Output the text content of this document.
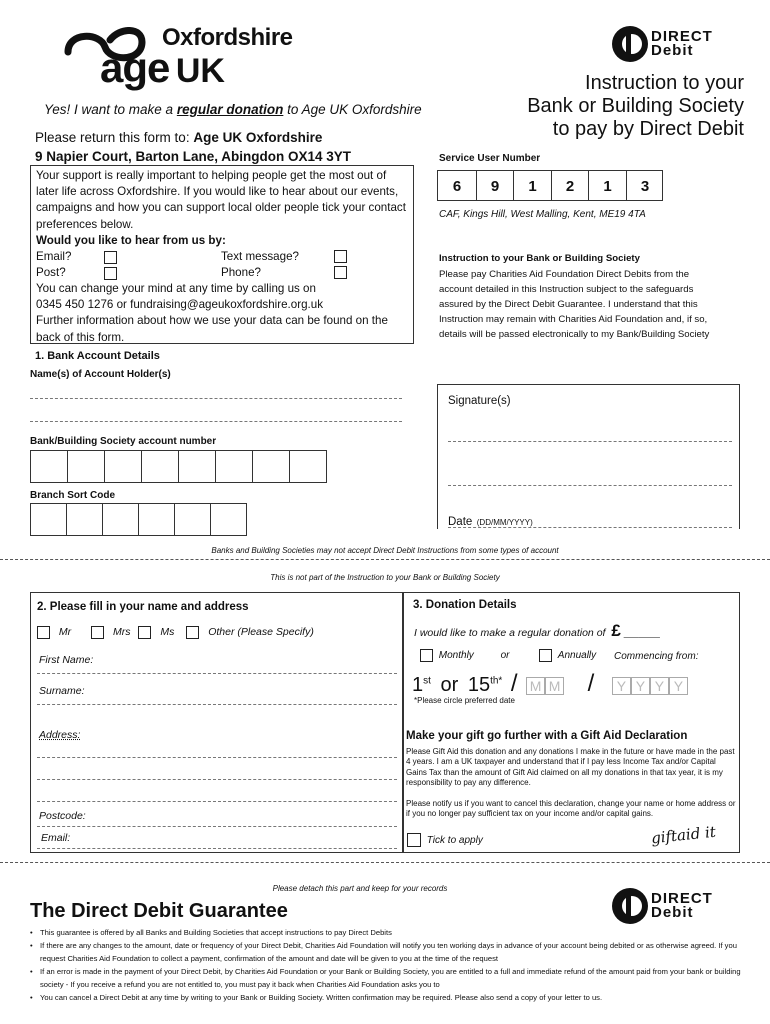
Oxfordshire
age UK
DIRECT
Debit
Instruction to your
Bank or Building Society
to pay by Direct Debit
Yes! I want to make a regular donation to Age UK Oxfordshire
Please return this form to: Age UK Oxfordshire
9 Napier Court, Barton Lane, Abingdon OX14 3YT
Your support is really important to helping people get the most out of later life across Oxfordshire. If you would like to hear about our events, campaigns and how you can support local older people tick your contact preferences below.
Would you like to hear from us by:
Email?	Text message?
Post?	Phone?
You can change your mind at any time by calling us on
0345 450 1276 or fundraising@ageukoxfordshire.org.uk
Further information about how we use your data can be found on the back of this form.
Service User Number
6	9	1	2	1	3
CAF, Kings Hill, West Malling, Kent, ME19 4TA
Instruction to your Bank or Building Society
Please pay Charities Aid Foundation Direct Debits from the account detailed in this Instruction subject to the safeguards assured by the Direct Debit Guarantee. I understand that this Instruction may remain with Charities Aid Foundation and, if so, details will be passed electronically to my Bank/Building Society
1. Bank Account Details
Name(s) of Account Holder(s)
Bank/Building Society account number
Branch Sort Code
Signature(s)
Date (DD/MM/YYYY)
Banks and Building Societies may not accept Direct Debit Instructions from some types of account
This is not part of the Instruction to your Bank or Building Society
2. Please fill in your name and address
Mr	Mrs	Ms	Other (Please Specify)
First Name:
Surname:
Address:
Postcode:
Email:
3. Donation Details
I would like to make a regular donation of £ _____
Monthly	or	Annually Commencing from:
1st or $15^{th*}$ / M M / Y Y Y Y
*Please circle preferred date
Make your gift go further with a Gift Aid Declaration
Please Gift Aid this donation and any donations I make in the future or have made in the past 4 years. I am a UK taxpayer and understand that if I pay less Income Tax and/or Capital Gains Tax than the amount of Gift Aid claimed on all my donations in that tax year, it is my responsibility to pay any difference.
Please notify us if you want to cancel this declaration, change your name or home address or if you no longer pay sufficient tax on your income and/or capital gains.
Tick to apply	giftaid it
Please detach this part and keep for your records
The Direct Debit Guarantee
DIRECT
Debit
• This guarantee is offered by all Banks and Building Societies that accept instructions to pay Direct Debits
• If there are any changes to the amount, date or frequency of your Direct Debit, Charities Aid Foundation will notify you ten working days in advance of your account being debited or as otherwise agreed. If you request Charities Aid Foundation to collect a payment, confirmation of the amount and date will be given to you at the time of the request
• If an error is made in the payment of your Direct Debit, by Charities Aid Foundation or your Bank or Building Society, you are entitled to a full and immediate refund of the amount paid from your bank or building society - If you receive a refund you are not entitled to, you must pay it back when Charities Aid Foundation asks you to
• You can cancel a Direct Debit at any time by writing to your Bank or Building Society. Written confirmation may be required. Please also send a copy of your letter to us.
